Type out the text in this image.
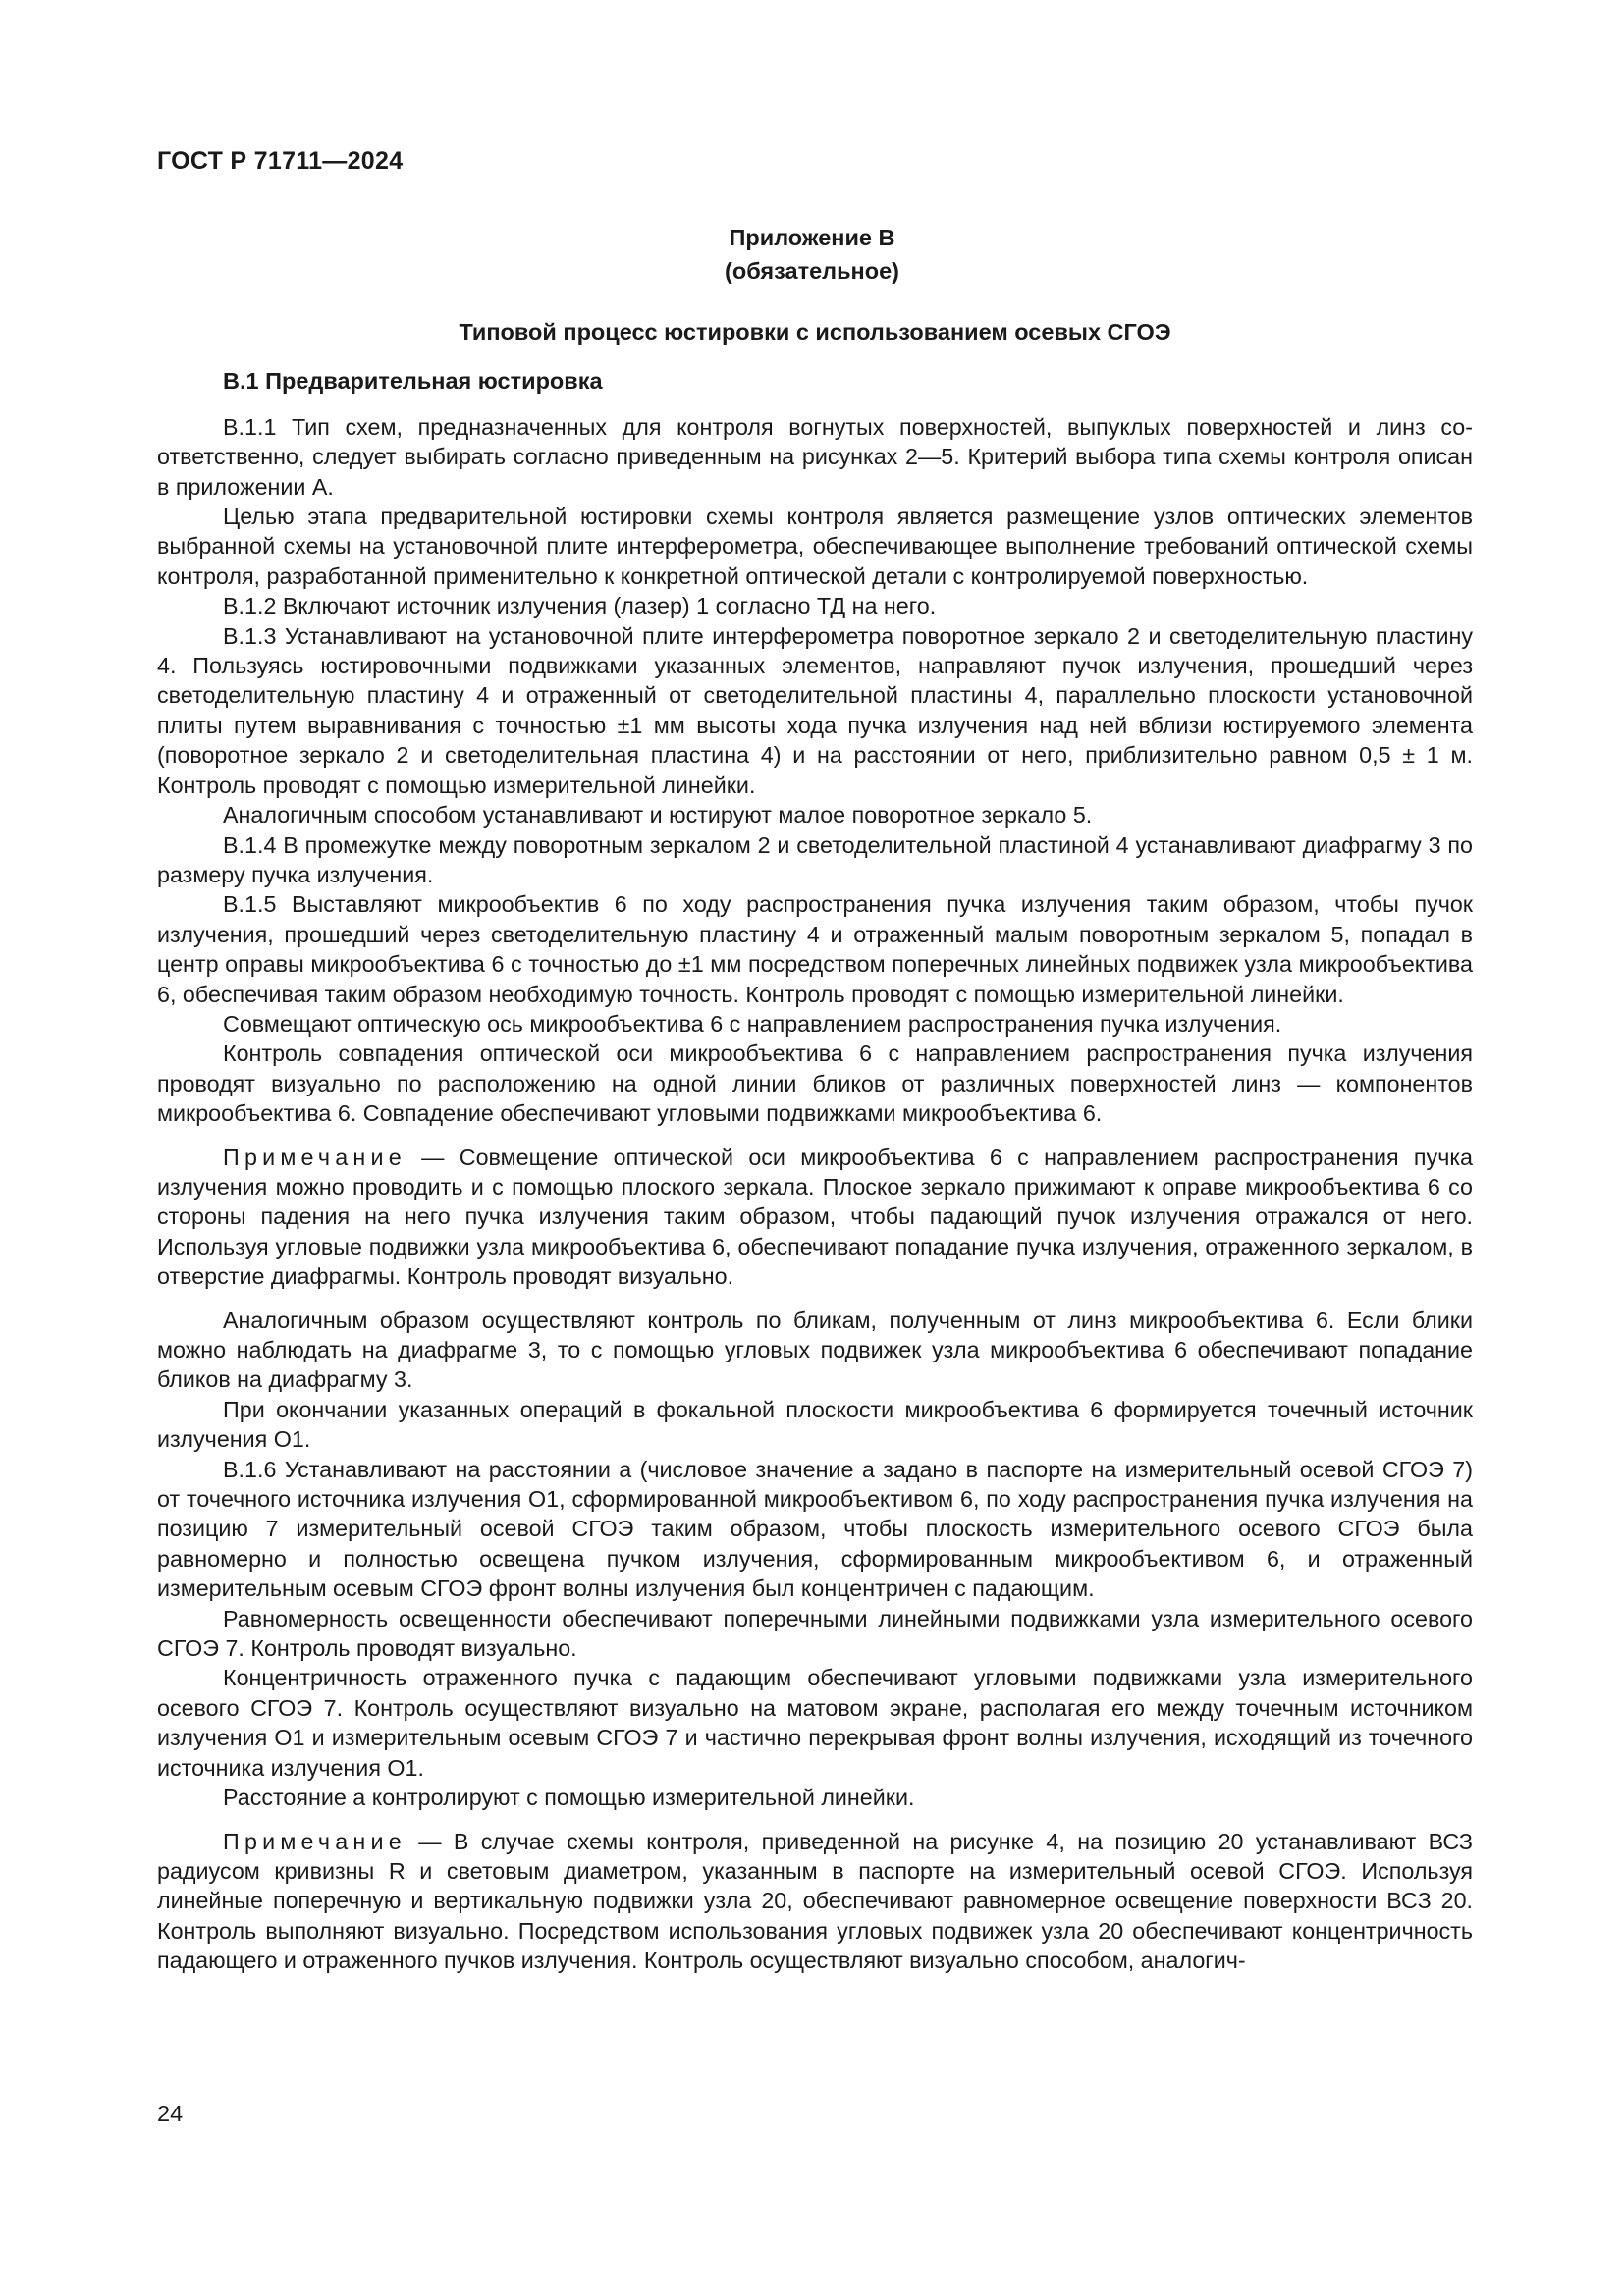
ГОСТ Р 71711—2024
Приложение В
(обязательное)
Типовой процесс юстировки с использованием осевых СГОЭ
В.1 Предварительная юстировка

В.1.1 Тип схем, предназначенных для контроля вогнутых поверхностей, выпуклых поверхностей и линз соответственно, следует выбирать согласно приведенным на рисунках 2—5. Критерий выбора типа схемы контроля описан в приложении А.

Целью этапа предварительной юстировки схемы контроля является размещение узлов оптических элементов выбранной схемы на установочной плите интерферометра, обеспечивающее выполнение требований оптической схемы контроля, разработанной применительно к конкретной оптической детали с контролируемой поверхностью.

В.1.2 Включают источник излучения (лазер) 1 согласно ТД на него.

В.1.3 Устанавливают на установочной плите интерферометра поворотное зеркало 2 и светоделительную пластину 4. Пользуясь юстировочными подвижками указанных элементов, направляют пучок излучения, прошедший через светоделительную пластину 4 и отраженный от светоделительной пластины 4, параллельно плоскости установочной плиты путем выравнивания с точностью ±1 мм высоты хода пучка излучения над ней вблизи юстируемого элемента (поворотное зеркало 2 и светоделительная пластина 4) и на расстоянии от него, приблизительно равном 0,5 ± 1 м. Контроль проводят с помощью измерительной линейки.

Аналогичным способом устанавливают и юстируют малое поворотное зеркало 5.

В.1.4 В промежутке между поворотным зеркалом 2 и светоделительной пластиной 4 устанавливают диафрагму 3 по размеру пучка излучения.

В.1.5 Выставляют микрообъектив 6 по ходу распространения пучка излучения таким образом, чтобы пучок излучения, прошедший через светоделительную пластину 4 и отраженный малым поворотным зеркалом 5, попадал в центр оправы микрообъектива 6 с точностью до ±1 мм посредством поперечных линейных подвижек узла микрообъектива 6, обеспечивая таким образом необходимую точность. Контроль проводят с помощью измерительной линейки.

Совмещают оптическую ось микрообъектива 6 с направлением распространения пучка излучения.

Контроль совпадения оптической оси микрообъектива 6 с направлением распространения пучка излучения проводят визуально по расположению на одной линии бликов от различных поверхностей линз — компонентов микрообъектива 6. Совпадение обеспечивают угловыми подвижками микрообъектива 6.

Примечание — Совмещение оптической оси микрообъектива 6 с направлением распространения пучка излучения можно проводить и с помощью плоского зеркала. Плоское зеркало прижимают к оправе микрообъектива 6 со стороны падения на него пучка излучения таким образом, чтобы падающий пучок излучения отражался от него. Используя угловые подвижки узла микрообъектива 6, обеспечивают попадание пучка излучения, отраженного зеркалом, в отверстие диафрагмы. Контроль проводят визуально.

Аналогичным образом осуществляют контроль по бликам, полученным от линз микрообъектива 6. Если блики можно наблюдать на диафрагме 3, то с помощью угловых подвижек узла микрообъектива 6 обеспечивают попадание бликов на диафрагму 3.

При окончании указанных операций в фокальной плоскости микрообъектива 6 формируется точечный источник излучения O1.

В.1.6 Устанавливают на расстоянии a (числовое значение a задано в паспорте на измерительный осевой СГОЭ 7) от точечного источника излучения O1, сформированной микрообъективом 6, по ходу распространения пучка излучения на позицию 7 измерительный осевой СГОЭ таким образом, чтобы плоскость измерительного осевого СГОЭ была равномерно и полностью освещена пучком излучения, сформированным микрообъективом 6, и отраженный измерительным осевым СГОЭ фронт волны излучения был концентричен с падающим.

Равномерность освещенности обеспечивают поперечными линейными подвижками узла измерительного осевого СГОЭ 7. Контроль проводят визуально.

Концентричность отраженного пучка с падающим обеспечивают угловыми подвижками узла измерительного осевого СГОЭ 7. Контроль осуществляют визуально на матовом экране, располагая его между точечным источником излучения O1 и измерительным осевым СГОЭ 7 и частично перекрывая фронт волны излучения, исходящий из точечного источника излучения O1.

Расстояние a контролируют с помощью измерительной линейки.

Примечание — В случае схемы контроля, приведенной на рисунке 4, на позицию 20 устанавливают ВСЗ радиусом кривизны R и световым диаметром, указанным в паспорте на измерительный осевой СГОЭ. Используя линейные поперечную и вертикальную подвижки узла 20, обеспечивают равномерное освещение поверхности ВСЗ 20. Контроль выполняют визуально. Посредством использования угловых подвижек узла 20 обеспечивают концентричность падающего и отраженного пучков излучения. Контроль осуществляют визуально способом, аналогич-

24
